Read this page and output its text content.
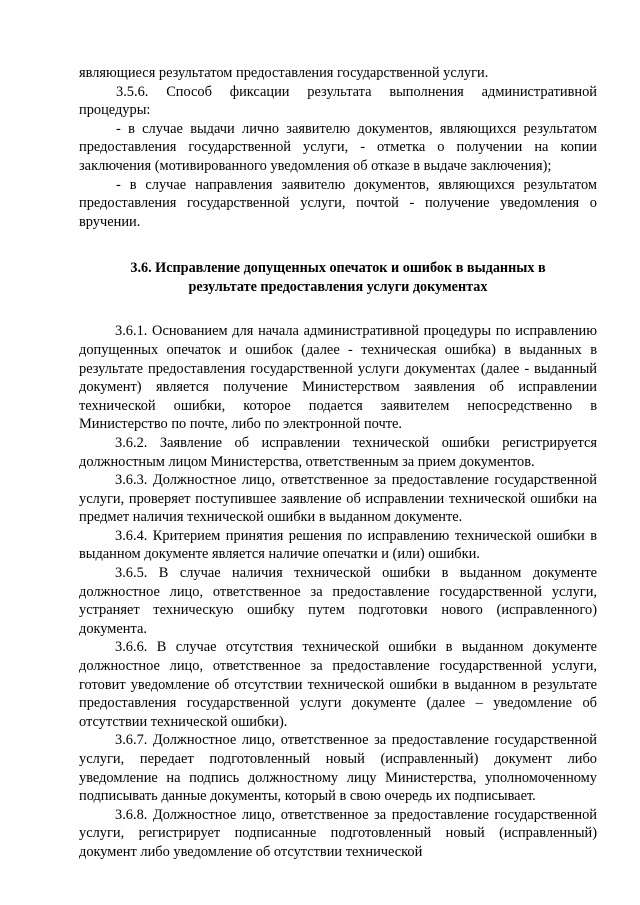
являющиеся результатом предоставления государственной услуги.

3.5.6. Способ фиксации результата выполнения административной процедуры:

- в случае выдачи лично заявителю документов, являющихся результатом предоставления государственной услуги, - отметка о получении на копии заключения (мотивированного уведомления об отказе в выдаче заключения);

- в случае направления заявителю документов, являющихся результатом предоставления государственной услуги, почтой - получение уведомления о вручении.

3.6. Исправление допущенных опечаток и ошибок в выданных в
результате предоставления услуги документах

3.6.1. Основанием для начала административной процедуры по исправлению допущенных опечаток и ошибок (далее - техническая ошибка) в выданных в результате предоставления государственной услуги документах (далее - выданный документ) является получение Министерством заявления об исправлении технической ошибки, которое подается заявителем непосредственно в Министерство по почте, либо по электронной почте.

3.6.2. Заявление об исправлении технической ошибки регистрируется должностным лицом Министерства, ответственным за прием документов.

3.6.3. Должностное лицо, ответственное за предоставление государственной услуги, проверяет поступившее заявление об исправлении технической ошибки на предмет наличия технической ошибки в выданном документе.

3.6.4. Критерием принятия решения по исправлению технической ошибки в выданном документе является наличие опечатки и (или) ошибки.

3.6.5. В случае наличия технической ошибки в выданном документе должностное лицо, ответственное за предоставление государственной услуги, устраняет техническую ошибку путем подготовки нового (исправленного) документа.

3.6.6. В случае отсутствия технической ошибки в выданном документе должностное лицо, ответственное за предоставление государственной услуги, готовит уведомление об отсутствии технической ошибки в выданном в результате предоставления государственной услуги документе (далее – уведомление об отсутствии технической ошибки).

3.6.7. Должностное лицо, ответственное за предоставление государственной услуги, передает подготовленный новый (исправленный) документ либо уведомление на подпись должностному лицу Министерства, уполномоченному подписывать данные документы, который в свою очередь их подписывает.

3.6.8. Должностное лицо, ответственное за предоставление государственной услуги, регистрирует подписанные подготовленный новый (исправленный) документ либо уведомление об отсутствии технической
